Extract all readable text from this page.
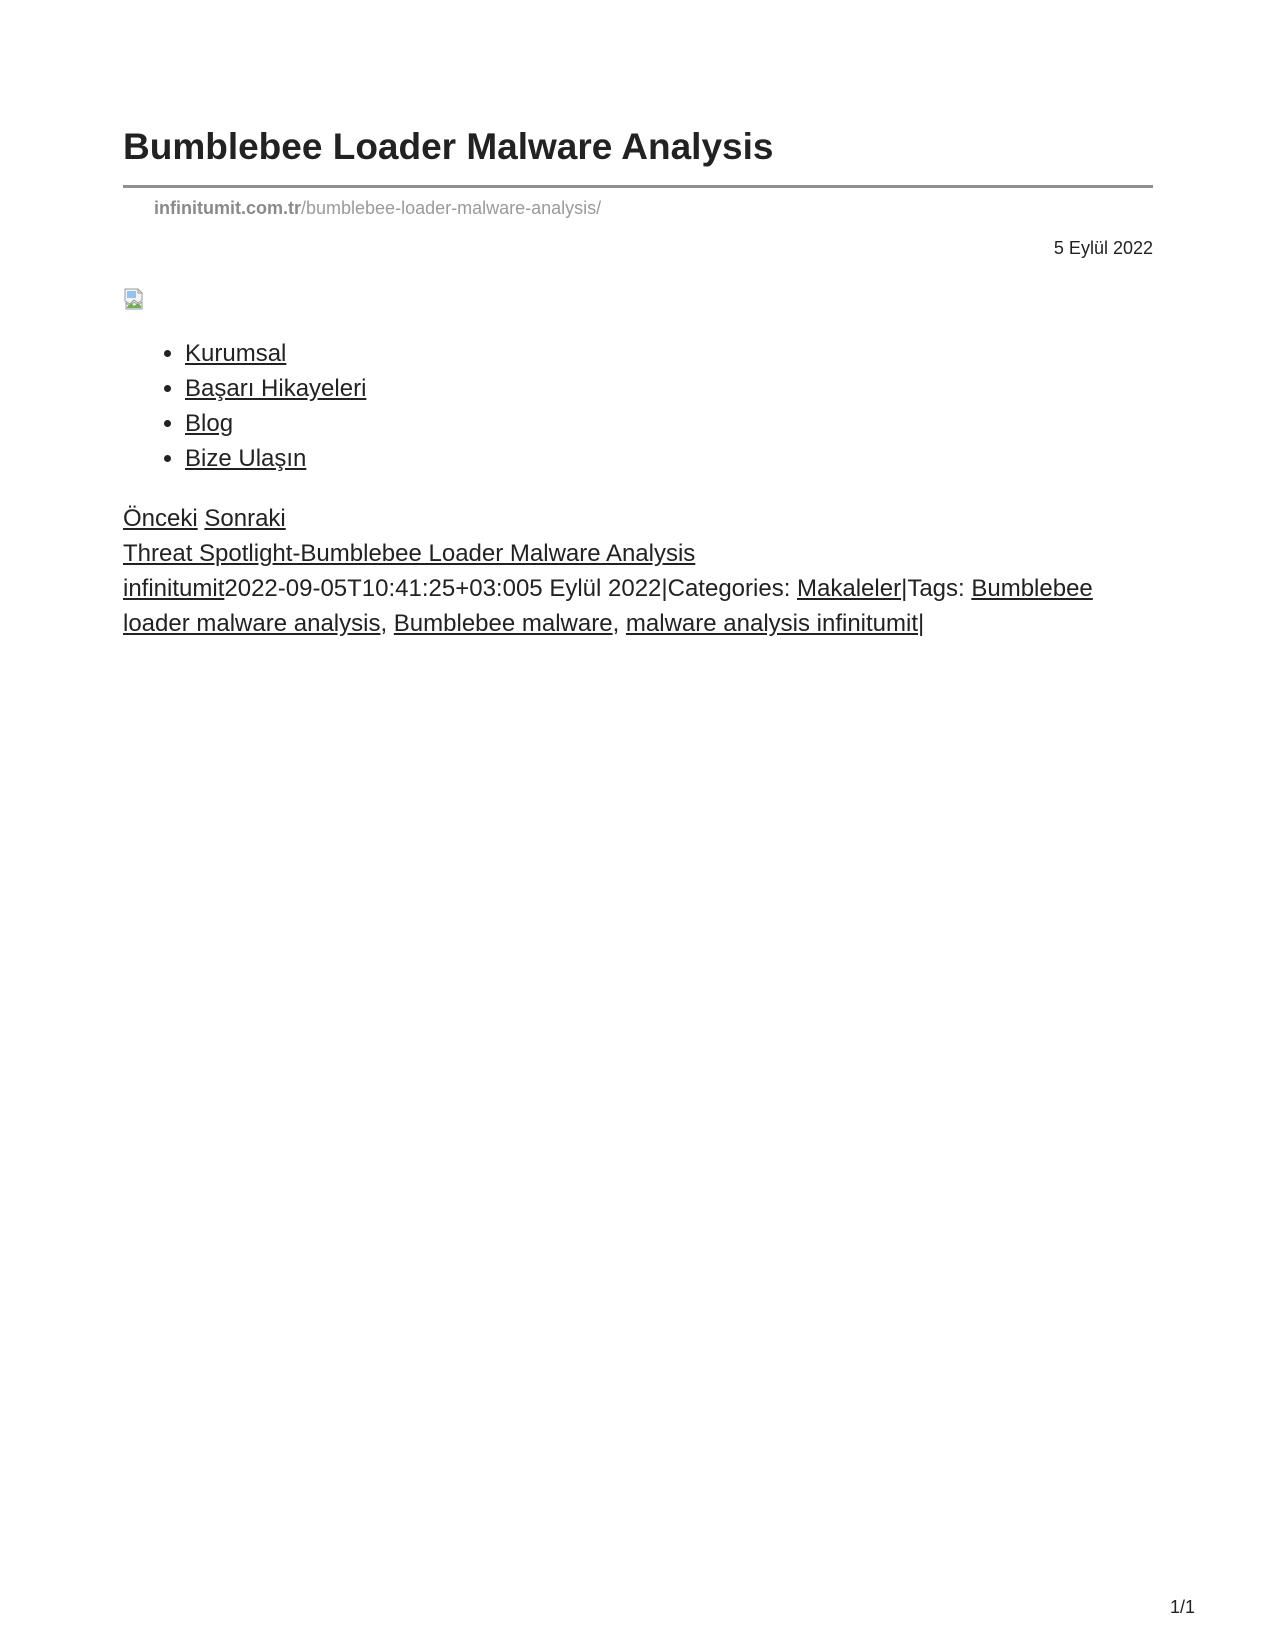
Bumblebee Loader Malware Analysis
infinitumit.com.tr/bumblebee-loader-malware-analysis/
5 Eylül 2022
• Kurumsal
• Başarı Hikayeleri
• Blog
• Bize Ulaşın

Önceki Sonraki

Threat Spotlight-Bumblebee Loader Malware Analysis

infinitumit2022-09-05T10:41:25+03:005 Eylül 2022|Categories: Makaleler|Tags: Bumblebee loader malware analysis, Bumblebee malware, malware analysis infinitumit|

1/1
